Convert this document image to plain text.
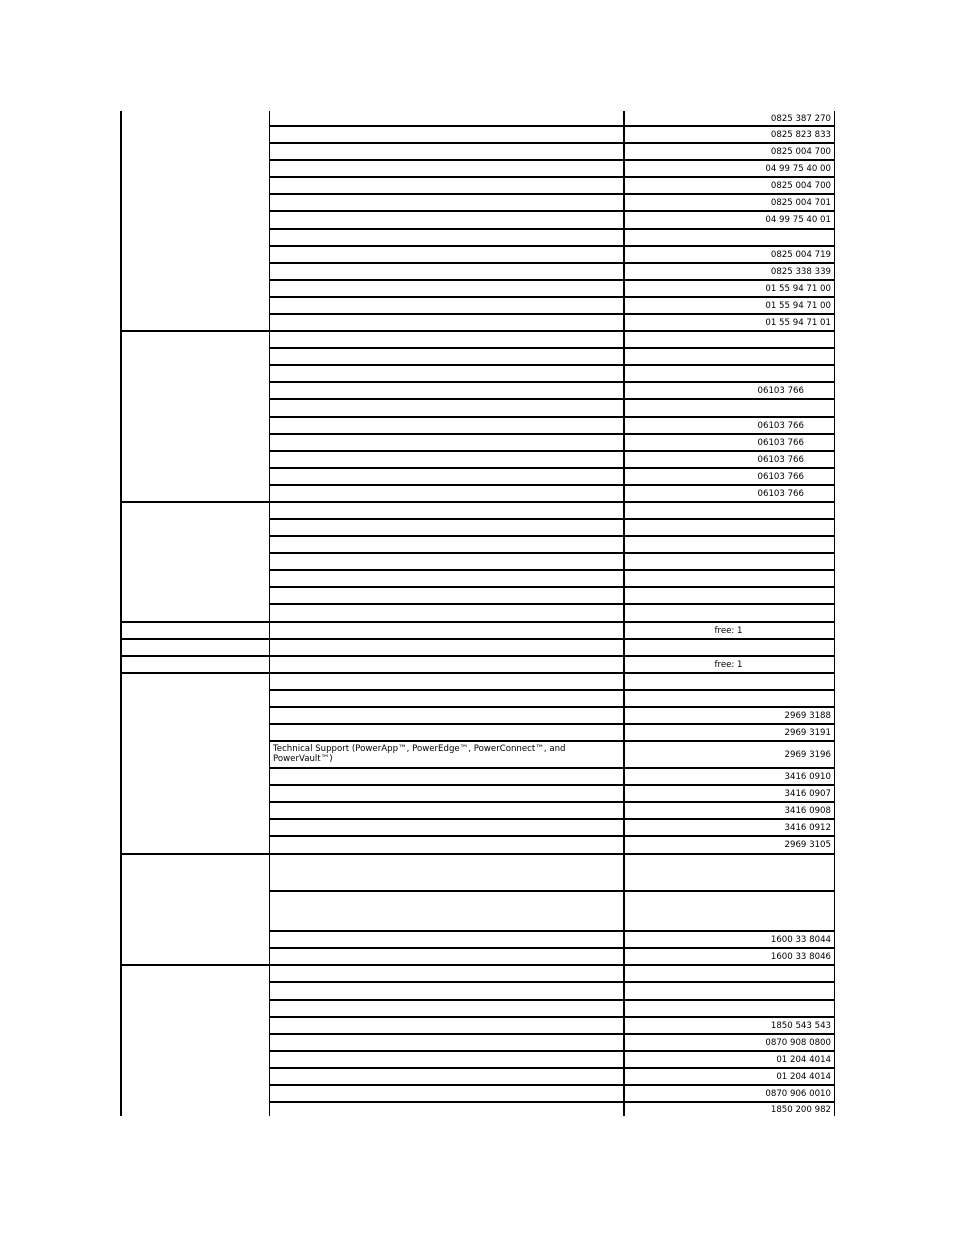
0825 387 270
0825 823 833
0825 004 700
04 99 75 40 00
0825 004 700
0825 004 701
04 99 75 40 01
0825 004 719
0825 338 339
01 55 94 71 00
01 55 94 71 00
01 55 94 71 01
06103 766
06103 766
06103 766
06103 766
06103 766
06103 766
free: 1
free: 1
2969 3188
2969 3191
Technical Support (PowerApp™, PowerEdge™, PowerConnect™, and PowerVault™)	2969 3196
3416 0910
3416 0907
3416 0908
3416 0912
2969 3105
1600 33 8044
1600 33 8046
1850 543 543
0870 908 0800
01 204 4014
01 204 4014
0870 906 0010
1850 200 982
